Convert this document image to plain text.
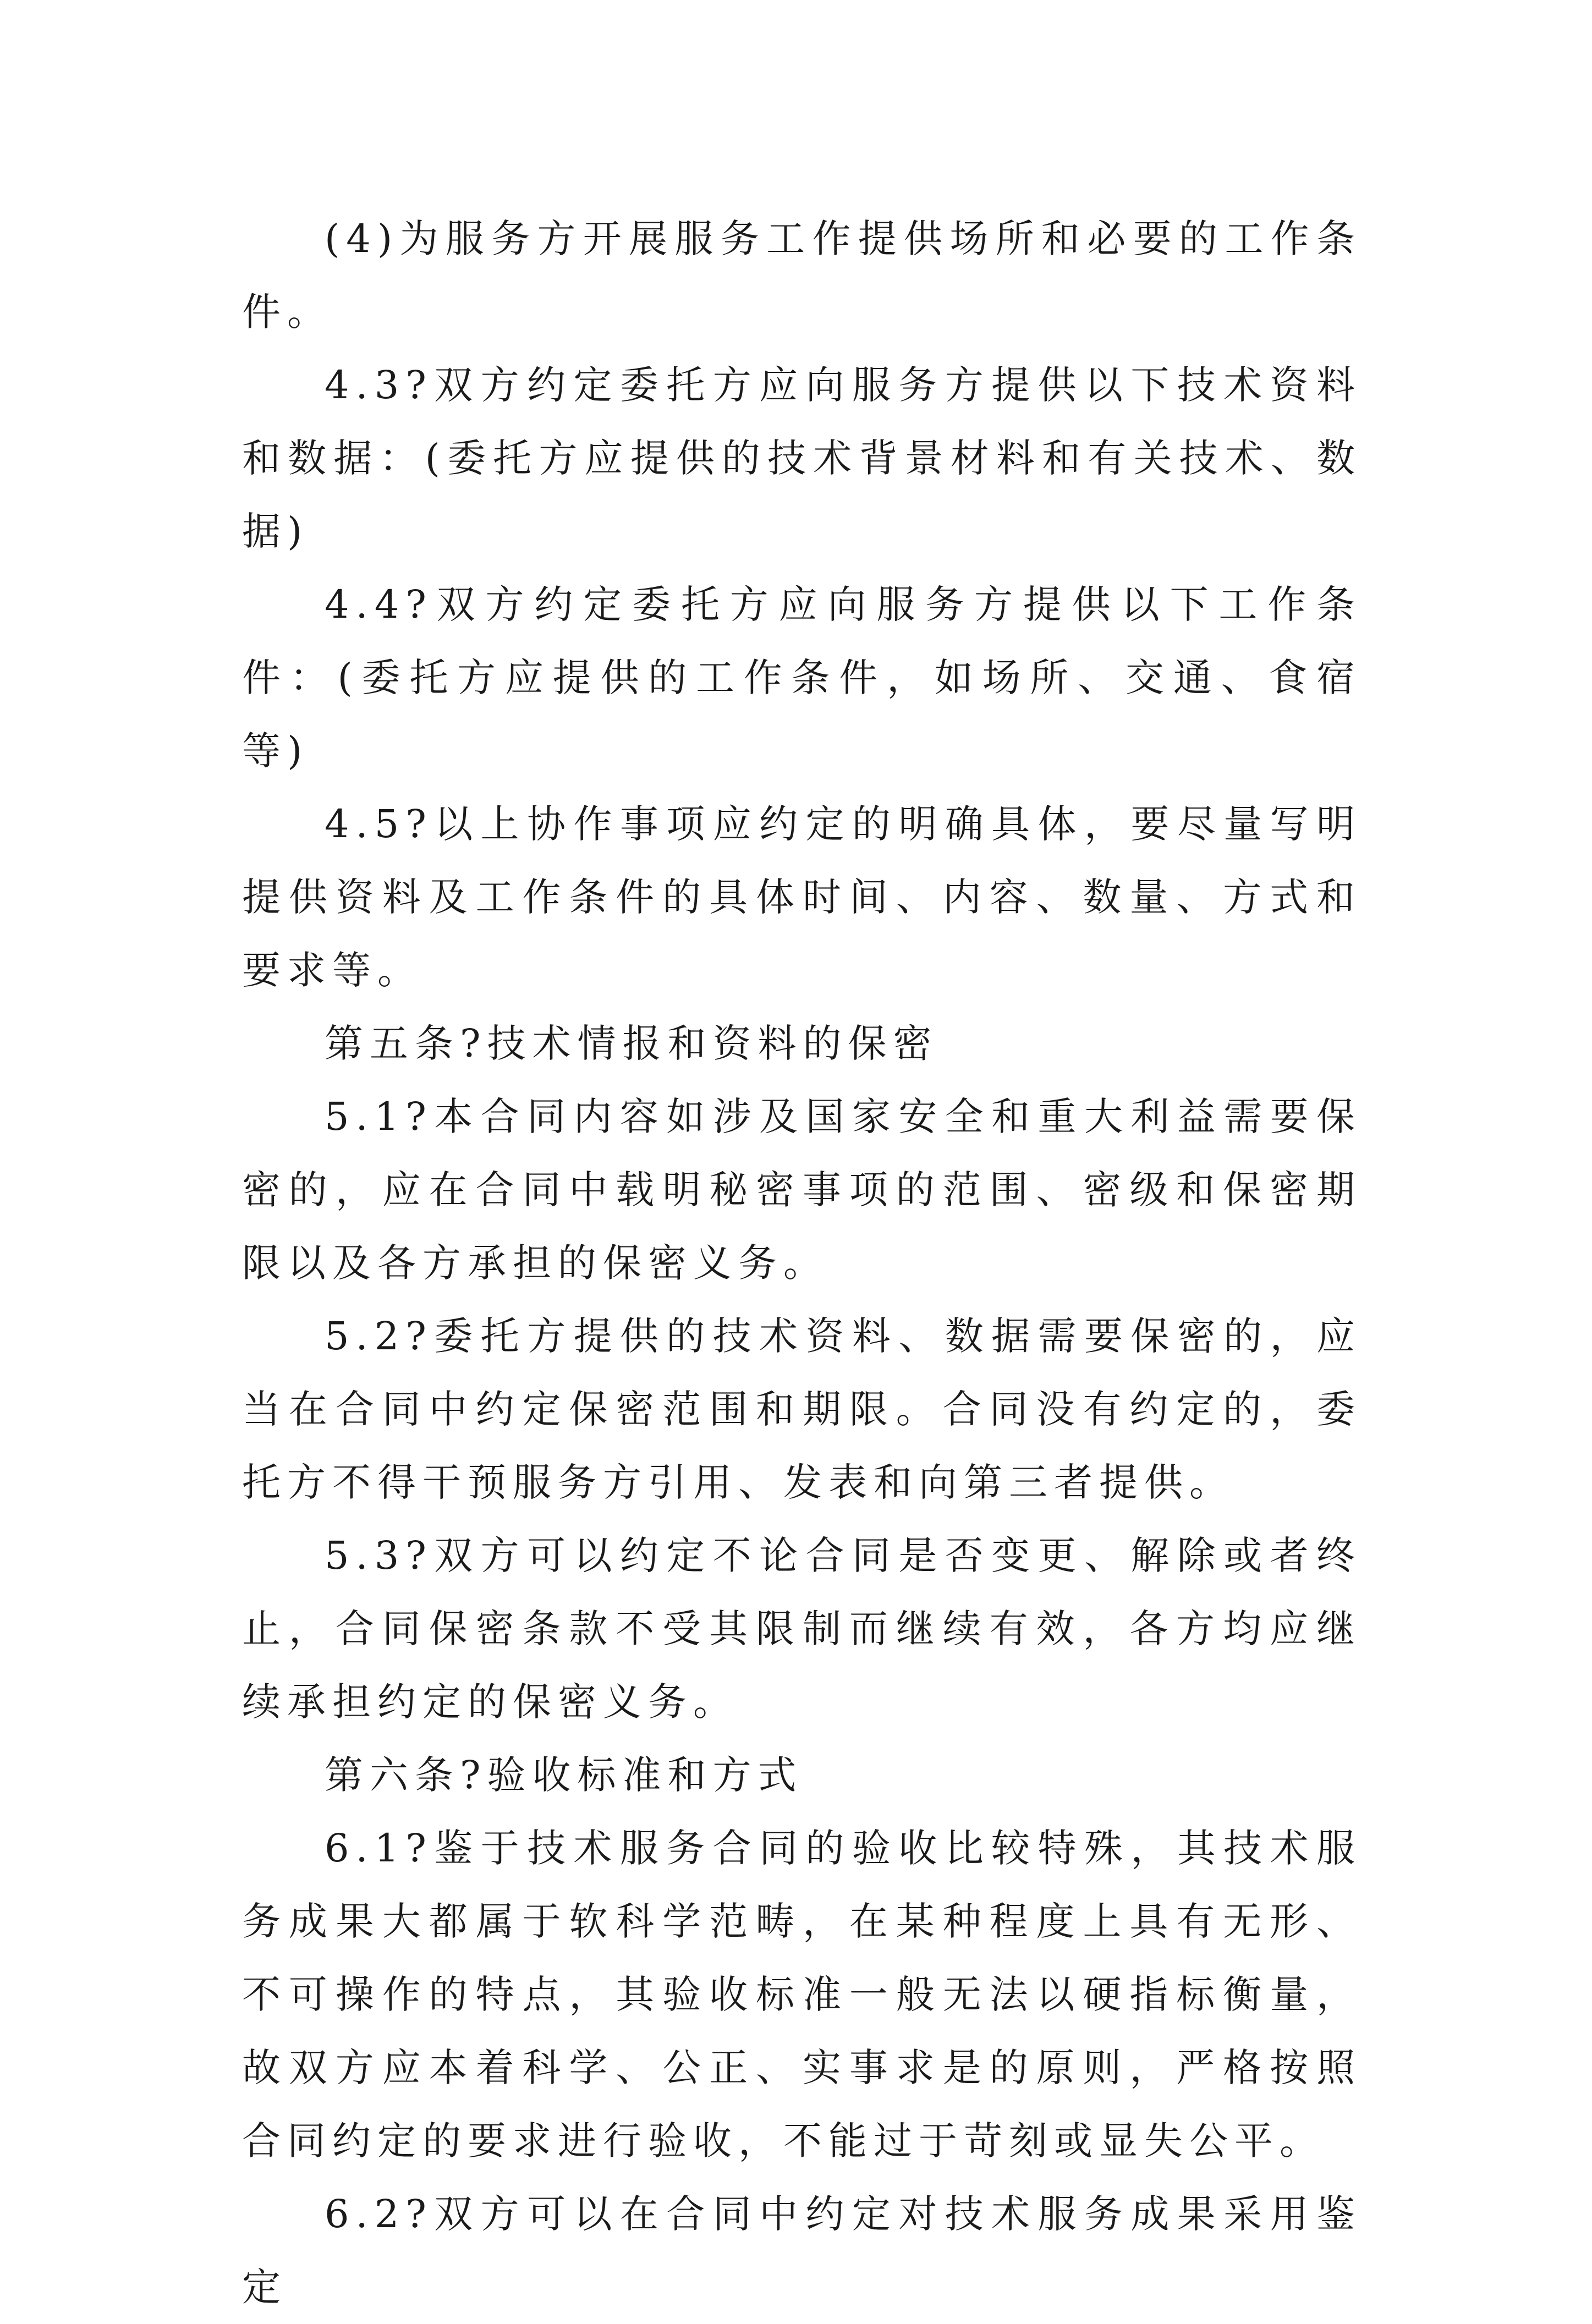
(4)为服务方开展服务工作提供场所和必要的工作条件。

4.3?双方约定委托方应向服务方提供以下技术资料和数据：(委托方应提供的技术背景材料和有关技术、数据)

4.4?双方约定委托方应向服务方提供以下工作条件：(委托方应提供的工作条件，如场所、交通、食宿等)

4.5?以上协作事项应约定的明确具体，要尽量写明提供资料及工作条件的具体时间、内容、数量、方式和要求等。

第五条?技术情报和资料的保密

5.1?本合同内容如涉及国家安全和重大利益需要保密的，应在合同中载明秘密事项的范围、密级和保密期限以及各方承担的保密义务。

5.2?委托方提供的技术资料、数据需要保密的，应当在合同中约定保密范围和期限。合同没有约定的，委托方不得干预服务方引用、发表和向第三者提供。

5.3?双方可以约定不论合同是否变更、解除或者终止，合同保密条款不受其限制而继续有效，各方均应继续承担约定的保密义务。

第六条?验收标准和方式

6.1?鉴于技术服务合同的验收比较特殊，其技术服务成果大都属于软科学范畴，在某种程度上具有无形、不可操作的特点，其验收标准一般无法以硬指标衡量，故双方应本着科学、公正、实事求是的原则，严格按照合同约定的要求进行验收，不能过于苛刻或显失公平。

6.2?双方可以在合同中约定对技术服务成果采用鉴定
